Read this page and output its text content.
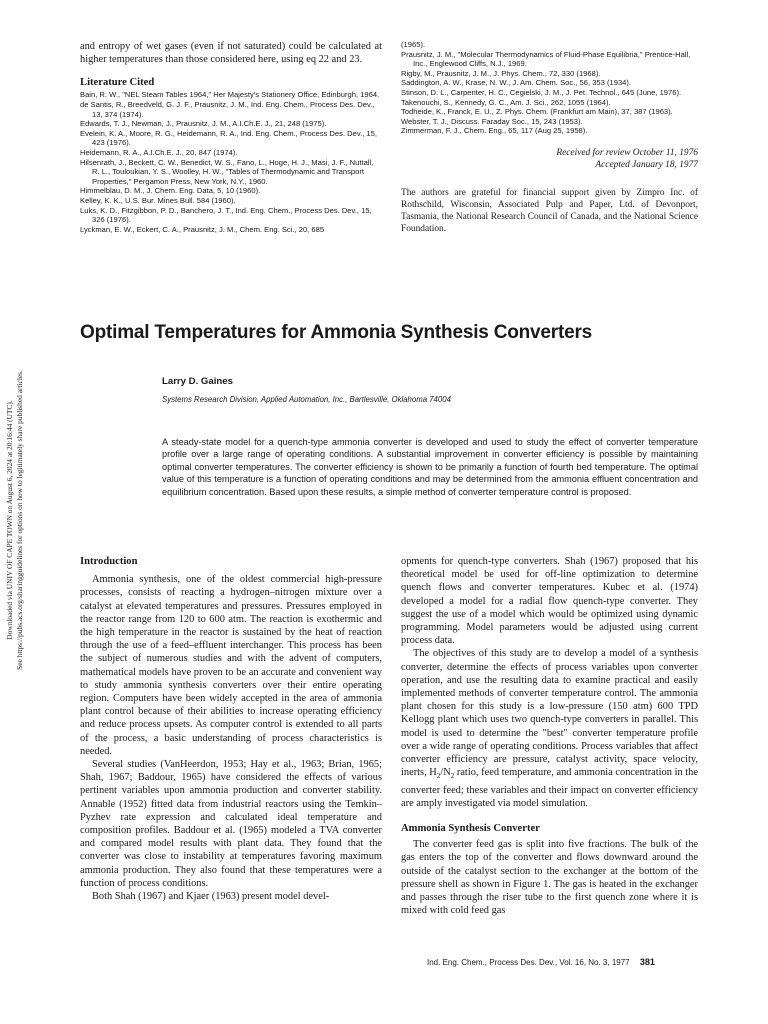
Downloaded via UNIV OF CAPE TOWN on August 6, 2024 at 20:16:44 (UTC). See https://pubs.acs.org/sharingguidelines for options on how to legitimately share published articles.

and entropy of wet gases (even if not saturated) could be calculated at higher temperatures than those considered here, using eq 22 and 23.

Literature Cited
Bain, R. W., "NEL Steam Tables 1964," Her Majesty's Stationery Office, Edinburgh, 1964.
de Santis, R., Breedveld, G. J. F., Prausnitz, J. M., Ind. Eng. Chem., Process Des. Dev., 13, 374 (1974).
Edwards, T. J., Newman, J., Prausnitz, J. M., A.I.Ch.E. J., 21, 248 (1975).
Evelein, K. A., Moore, R. G., Heidemann, R. A., Ind. Eng. Chem., Process Des. Dev., 15, 423 (1976).
Heidemann, R. A., A.I.Ch.E. J., 20, 847 (1974).
Hilsenrath, J., Beckett, C. W., Benedict, W. S., Fano, L., Hoge, H. J., Masi, J. F., Nuttall, R. L., Touloukian, Y. S., Woolley, H. W., "Tables of Thermodynamic and Transport Properties," Pergamon Press, New York, N.Y., 1960.
Himmelblau, D. M., J. Chem. Eng. Data, 5, 10 (1960).
Kelley, K. K., U.S. Bur. Mines Bull. 584 (1960).
Luks, K. D., Fitzgibbon, P. D., Banchero, J. T., Ind. Eng. Chem., Process Des. Dev., 15, 326 (1976).
Lyckman, E. W., Eckert, C. A., Prausnitz, J. M., Chem. Eng. Sci., 20, 685
(1965).
Prausnitz, J. M., "Molecular Thermodynamics of Fluid-Phase Equilibria," Prentice-Hall, Inc., Englewood Cliffs, N.J., 1969.
Rigby, M., Prausnitz, J. M., J. Phys. Chem., 72, 330 (1968).
Saddington, A. W., Krase, N. W., J. Am. Chem. Soc., 56, 353 (1934).
Stinson, D. L., Carpenter, H. C., Cegielski, J. M., J. Pet. Technol., 645 (June, 1976).
Takenouchi, S., Kennedy, G. C., Am. J. Sci., 262, 1055 (1964).
Todheide, K., Franck, E. U., Z. Phys. Chem. (Frankfurt am Main), 37, 387 (1963).
Webster, T. J., Discuss. Faraday Soc., 15, 243 (1953).
Zimmerman, F. J., Chem. Eng., 65, 117 (Aug 25, 1958).
Received for review October 11, 1976
Accepted January 18, 1977

The authors are grateful for financial support given by Zimpro Inc. of Rothschild, Wisconsin, Associated Pulp and Paper, Ltd. of Devonport, Tasmania, the National Research Council of Canada, and the National Science Foundation.

Optimal Temperatures for Ammonia Synthesis Converters
Larry D. Gaines
Systems Research Division, Applied Automation, Inc., Bartlesville, Oklahoma 74004

A steady-state model for a quench-type ammonia converter is developed and used to study the effect of converter temperature profile over a large range of operating conditions. A substantial improvement in converter efficiency is possible by maintaining optimal converter temperatures. The converter efficiency is shown to be primarily a function of fourth bed temperature. The optimal value of this temperature is a function of operating conditions and may be determined from the ammonia effluent concentration and equilibrium concentration. Based upon these results, a simple method of converter temperature control is proposed.

Introduction

Ammonia synthesis, one of the oldest commercial high-pressure processes, consists of reacting a hydrogen–nitrogen mixture over a catalyst at elevated temperatures and pressures. Pressures employed in the reactor range from 120 to 600 atm. The reaction is exothermic and the high temperature in the reactor is sustained by the heat of reaction through the use of a feed–effluent interchanger. This process has been the subject of numerous studies and with the advent of computers, mathematical models have proven to be an accurate and convenient way to study ammonia synthesis converters over their entire operating region. Computers have been widely accepted in the area of ammonia plant control because of their abilities to increase operating efficiency and reduce process upsets. As computer control is extended to all parts of the process, a basic understanding of process characteristics is needed.

Several studies (VanHeerdon, 1953; Hay et al., 1963; Brian, 1965; Shah, 1967; Baddour, 1965) have considered the effects of various pertinent variables upon ammonia production and converter stability. Annable (1952) fitted data from industrial reactors using the Temkin–Pyzhev rate expression and calculated ideal temperature and composition profiles. Baddour et al. (1965) modeled a TVA converter and compared model results with plant data. They found that the converter was close to instability at temperatures favoring maximum ammonia production. They also found that these temperatures were a function of process conditions.

Both Shah (1967) and Kjaer (1963) present model devel-

opments for quench-type converters. Shah (1967) proposed that his theoretical model be used for off-line optimization to determine quench flows and converter temperatures. Kubec et al. (1974) developed a model for a radial flow quench-type converter. They suggest the use of a model which would be optimized using dynamic programming. Model parameters would be adjusted using current process data.

The objectives of this study are to develop a model of a synthesis converter, determine the effects of process variables upon converter operation, and use the resulting data to examine practical and easily implemented methods of converter temperature control. The ammonia plant chosen for this study is a low-pressure (150 atm) 600 TPD Kellogg plant which uses two quench-type converters in parallel. This model is used to determine the "best" converter temperature profile over a wide range of operating conditions. Process variables that affect converter efficiency are pressure, catalyst activity, space velocity, inerts, $H_2/N_2$ ratio, feed temperature, and ammonia concentration in the converter feed; these variables and their impact on converter efficiency are amply investigated via model simulation.

Ammonia Synthesis Converter

The converter feed gas is split into five fractions. The bulk of the gas enters the top of the converter and flows downward around the outside of the catalyst section to the exchanger at the bottom of the pressure shell as shown in Figure 1. The gas is heated in the exchanger and passes through the riser tube to the first quench zone where it is mixed with cold feed gas

Ind. Eng. Chem., Process Des. Dev., Vol. 16, No. 3, 1977 381
